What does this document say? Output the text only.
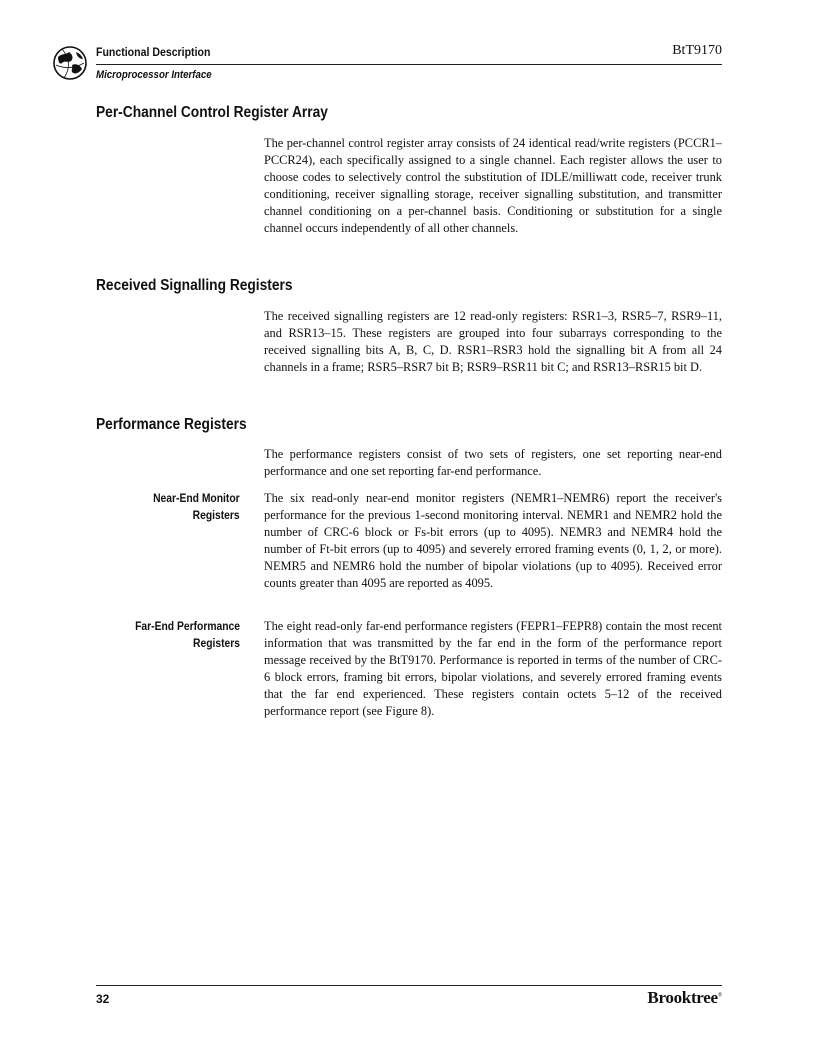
Functional Description	BtT9170
Microprocessor Interface
Per-Channel Control Register Array

The per-channel control register array consists of 24 identical read/write registers (PCCR1–PCCR24), each specifically assigned to a single channel. Each register allows the user to choose codes to selectively control the substitution of IDLE/milliwatt code, receiver trunk conditioning, receiver signalling storage, receiver signalling substitution, and transmitter channel conditioning on a per-channel basis. Conditioning or substitution for a single channel occurs independently of all other channels.

Received Signalling Registers

The received signalling registers are 12 read-only registers: RSR1–3, RSR5–7, RSR9–11, and RSR13–15. These registers are grouped into four subarrays corresponding to the received signalling bits A, B, C, D. RSR1–RSR3 hold the signalling bit A from all 24 channels in a frame; RSR5–RSR7 bit B; RSR9–RSR11 bit C; and RSR13–RSR15 bit D.

Performance Registers

The performance registers consist of two sets of registers, one set reporting near-end performance and one set reporting far-end performance.

Near-End Monitor
Registers

The six read-only near-end monitor registers (NEMR1–NEMR6) report the receiver's performance for the previous 1-second monitoring interval. NEMR1 and NEMR2 hold the number of CRC-6 block or Fs-bit errors (up to 4095). NEMR3 and NEMR4 hold the number of Ft-bit errors (up to 4095) and severely errored framing events (0, 1, 2, or more). NEMR5 and NEMR6 hold the number of bipolar violations (up to 4095). Received error counts greater than 4095 are reported as 4095.

Far-End Performance
Registers

The eight read-only far-end performance registers (FEPR1–FEPR8) contain the most recent information that was transmitted by the far end in the form of the performance report message received by the BtT9170. Performance is reported in terms of the number of CRC-6 block errors, framing bit errors, bipolar violations, and severely errored framing events that the far end experienced. These registers contain octets 5–12 of the received performance report (see Figure 8).

32	Brooktree®
